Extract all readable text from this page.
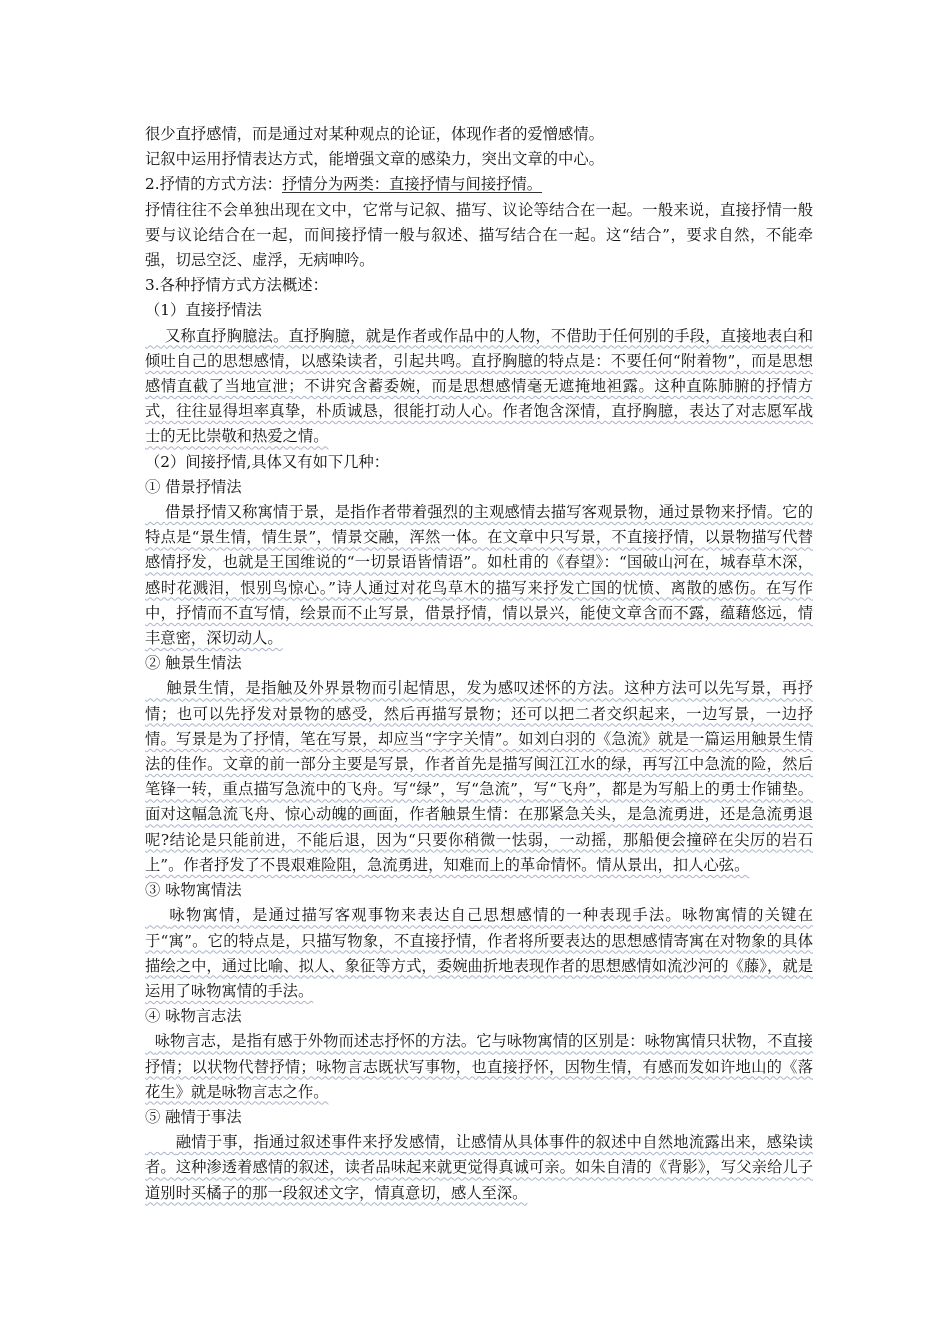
很少直抒感情，而是通过对某种观点的论证，体现作者的爱憎感情。

记叙中运用抒情表达方式，能增强文章的感染力，突出文章的中心。

2.抒情的方式方法：抒情分为两类：直接抒情与间接抒情。

抒情往往不会单独出现在文中，它常与记叙、描写、议论等结合在一起。一般来说，直接抒情一般要与议论结合在一起，而间接抒情一般与叙述、描写结合在一起。这“结合”，要求自然，不能牵强，切忌空泛、虚浮，无病呻吟。

3.各种抒情方式方法概述：

（1）直接抒情法

又称直抒胸臆法。直抒胸臆，就是作者或作品中的人物，不借助于任何别的手段，直接地表白和倾吐自己的思想感情，以感染读者，引起共鸣。直抒胸臆的特点是：不要任何“附着物”，而是思想感情直截了当地宣泄；不讲究含蓄委婉，而是思想感情毫无遮掩地袒露。这种直陈肺腑的抒情方式，往往显得坦率真挚，朴质诚恳，很能打动人心。作者饱含深情，直抒胸臆，表达了对志愿军战士的无比崇敬和热爱之情。

（2）间接抒情,具体又有如下几种：

① 借景抒情法

借景抒情又称寓情于景，是指作者带着强烈的主观感情去描写客观景物，通过景物来抒情。它的特点是“景生情，情生景”，情景交融，浑然一体。在文章中只写景，不直接抒情，以景物描写代替感情抒发，也就是王国维说的“一切景语皆情语”。如杜甫的《春望》：“国破山河在，城春草木深，感时花溅泪，恨别鸟惊心。”诗人通过对花鸟草木的描写来抒发亡国的忧愤、离散的感伤。在写作中，抒情而不直写情，绘景而不止写景，借景抒情，情以景兴，能使文章含而不露，蕴藉悠远，情丰意密，深切动人。

② 触景生情法

触景生情，是指触及外界景物而引起情思，发为感叹述怀的方法。这种方法可以先写景，再抒情；也可以先抒发对景物的感受，然后再描写景物；还可以把二者交织起来，一边写景，一边抒情。写景是为了抒情，笔在写景，却应当“字字关情”。如刘白羽的《急流》就是一篇运用触景生情法的佳作。文章的前一部分主要是写景，作者首先是描写闽江江水的绿，再写江中急流的险，然后笔锋一转，重点描写急流中的飞舟。写“绿”，写“急流”，写“飞舟”，都是为写船上的勇士作铺垫。面对这幅急流飞舟、惊心动魄的画面，作者触景生情：在那紧急关头，是急流勇进，还是急流勇退呢?结论是只能前进，不能后退，因为“只要你稍微一怯弱，一动摇，那船便会撞碎在尖厉的岩石上”。作者抒发了不畏艰难险阻，急流勇进，知难而上的革命情怀。情从景出，扣人心弦。

③ 咏物寓情法

咏物寓情，是通过描写客观事物来表达自己思想感情的一种表现手法。咏物寓情的关键在于“寓”。它的特点是，只描写物象，不直接抒情，作者将所要表达的思想感情寄寓在对物象的具体描绘之中，通过比喻、拟人、象征等方式，委婉曲折地表现作者的思想感情如流沙河的《藤》，就是运用了咏物寓情的手法。

④ 咏物言志法

咏物言志，是指有感于外物而述志抒怀的方法。它与咏物寓情的区别是：咏物寓情只状物，不直接抒情；以状物代替抒情；咏物言志既状写事物，也直接抒怀，因物生情，有感而发如许地山的《落花生》就是咏物言志之作。

⑤ 融情于事法

融情于事，指通过叙述事件来抒发感情，让感情从具体事件的叙述中自然地流露出来，感染读者。这种渗透着感情的叙述，读者品味起来就更觉得真诚可亲。如朱自清的《背影》，写父亲给儿子道别时买橘子的那一段叙述文字，情真意切，感人至深。
